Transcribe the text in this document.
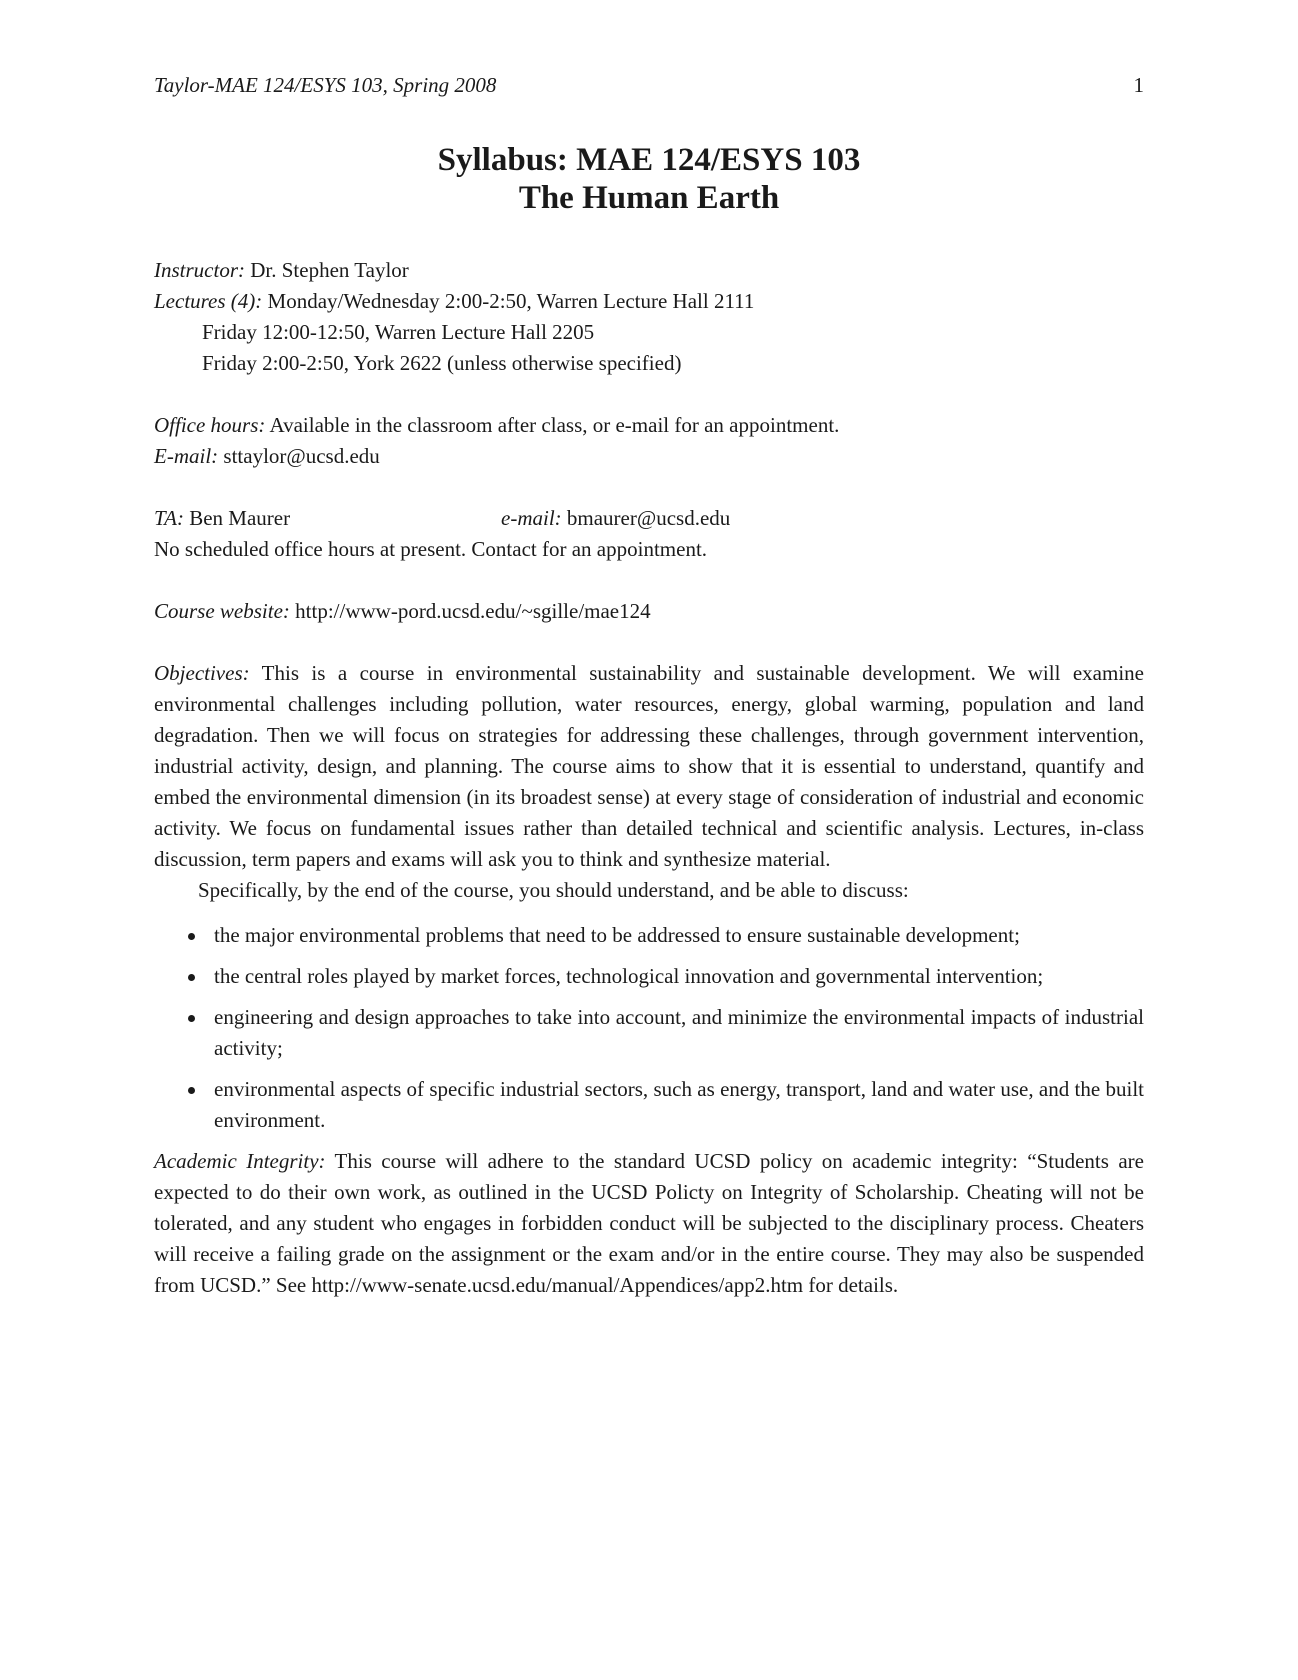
Taylor-MAE 124/ESYS 103, Spring 2008	1
Syllabus: MAE 124/ESYS 103
The Human Earth

Instructor: Dr. Stephen Taylor

Lectures (4): Monday/Wednesday 2:00-2:50, Warren Lecture Hall 2111

Friday 12:00-12:50, Warren Lecture Hall 2205

Friday 2:00-2:50, York 2622 (unless otherwise specified)

Office hours: Available in the classroom after class, or e-mail for an appointment.

E-mail: sttaylor@ucsd.edu

TA: Ben Maurer	e-mail: bmaurer@ucsd.edu

No scheduled office hours at present. Contact for an appointment.

Course website: http://www-pord.ucsd.edu/~sgille/mae124

Objectives: This is a course in environmental sustainability and sustainable development. We will examine environmental challenges including pollution, water resources, energy, global warming, population and land degradation. Then we will focus on strategies for addressing these challenges, through government intervention, industrial activity, design, and planning. The course aims to show that it is essential to understand, quantify and embed the environmental dimension (in its broadest sense) at every stage of consideration of industrial and economic activity. We focus on fundamental issues rather than detailed technical and scientific analysis. Lectures, in-class discussion, term papers and exams will ask you to think and synthesize material.

Specifically, by the end of the course, you should understand, and be able to discuss:

the major environmental problems that need to be addressed to ensure sustainable development;
the central roles played by market forces, technological innovation and governmental intervention;
engineering and design approaches to take into account, and minimize the environmental impacts of industrial activity;
environmental aspects of specific industrial sectors, such as energy, transport, land and water use, and the built environment.

Academic Integrity: This course will adhere to the standard UCSD policy on academic integrity: “Students are expected to do their own work, as outlined in the UCSD Policty on Integrity of Scholarship. Cheating will not be tolerated, and any student who engages in forbidden conduct will be subjected to the disciplinary process. Cheaters will receive a failing grade on the assignment or the exam and/or in the entire course. They may also be suspended from UCSD.” See http://www-senate.ucsd.edu/manual/Appendices/app2.htm for details.
